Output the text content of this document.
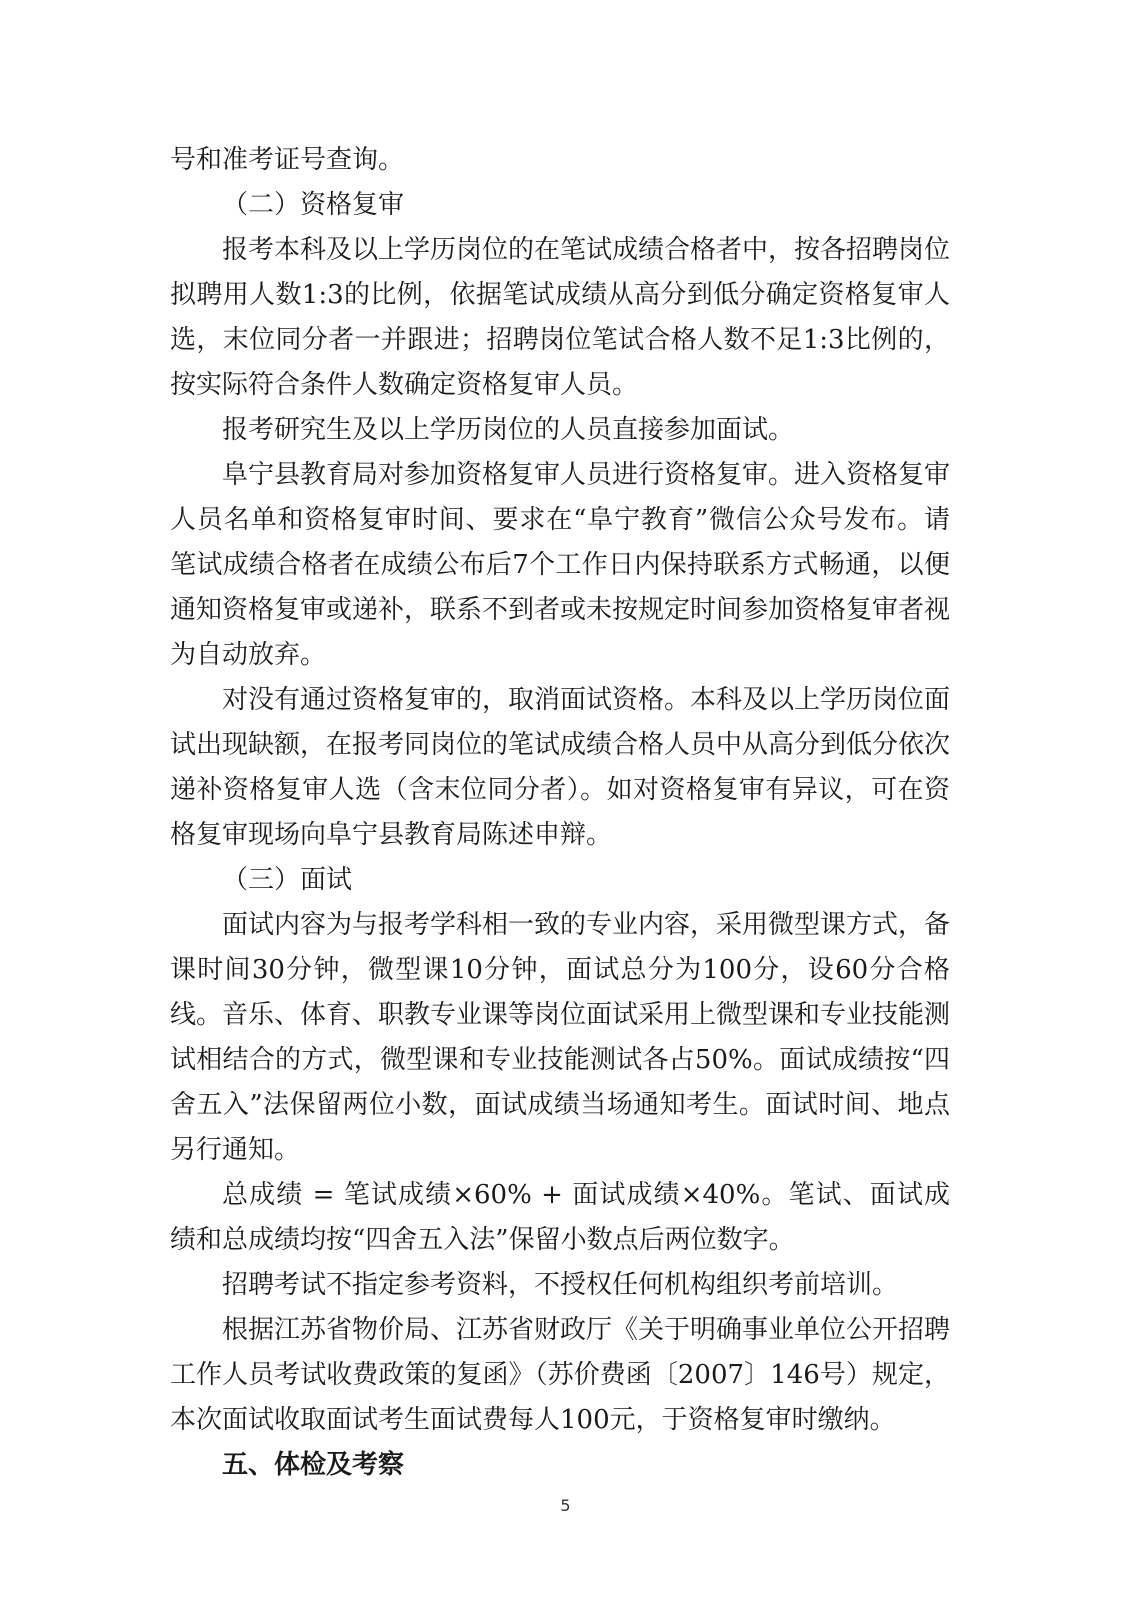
号和准考证号查询。

（二）资格复审

报考本科及以上学历岗位的在笔试成绩合格者中，按各招聘岗位拟聘用人数1:3的比例，依据笔试成绩从高分到低分确定资格复审人选，末位同分者一并跟进；招聘岗位笔试合格人数不足1:3比例的，按实际符合条件人数确定资格复审人员。

报考研究生及以上学历岗位的人员直接参加面试。

阜宁县教育局对参加资格复审人员进行资格复审。进入资格复审人员名单和资格复审时间、要求在“阜宁教育”微信公众号发布。请笔试成绩合格者在成绩公布后7个工作日内保持联系方式畅通，以便通知资格复审或递补，联系不到者或未按规定时间参加资格复审者视为自动放弃。

对没有通过资格复审的，取消面试资格。本科及以上学历岗位面试出现缺额，在报考同岗位的笔试成绩合格人员中从高分到低分依次递补资格复审人选（含末位同分者）。如对资格复审有异议，可在资格复审现场向阜宁县教育局陈述申辩。

（三）面试

面试内容为与报考学科相一致的专业内容，采用微型课方式，备课时间30分钟，微型课10分钟，面试总分为100分，设60分合格线。音乐、体育、职教专业课等岗位面试采用上微型课和专业技能测试相结合的方式，微型课和专业技能测试各占50%。面试成绩按“四舍五入”法保留两位小数，面试成绩当场通知考生。面试时间、地点另行通知。

总成绩 = 笔试成绩×60% + 面试成绩×40%。笔试、面试成绩和总成绩均按“四舍五入法”保留小数点后两位数字。

招聘考试不指定参考资料，不授权任何机构组织考前培训。

根据江苏省物价局、江苏省财政厅《关于明确事业单位公开招聘工作人员考试收费政策的复函》（苏价费函〔2007〕146号）规定，本次面试收取面试考生面试费每人100元，于资格复审时缴纳。

五、体检及考察

5
